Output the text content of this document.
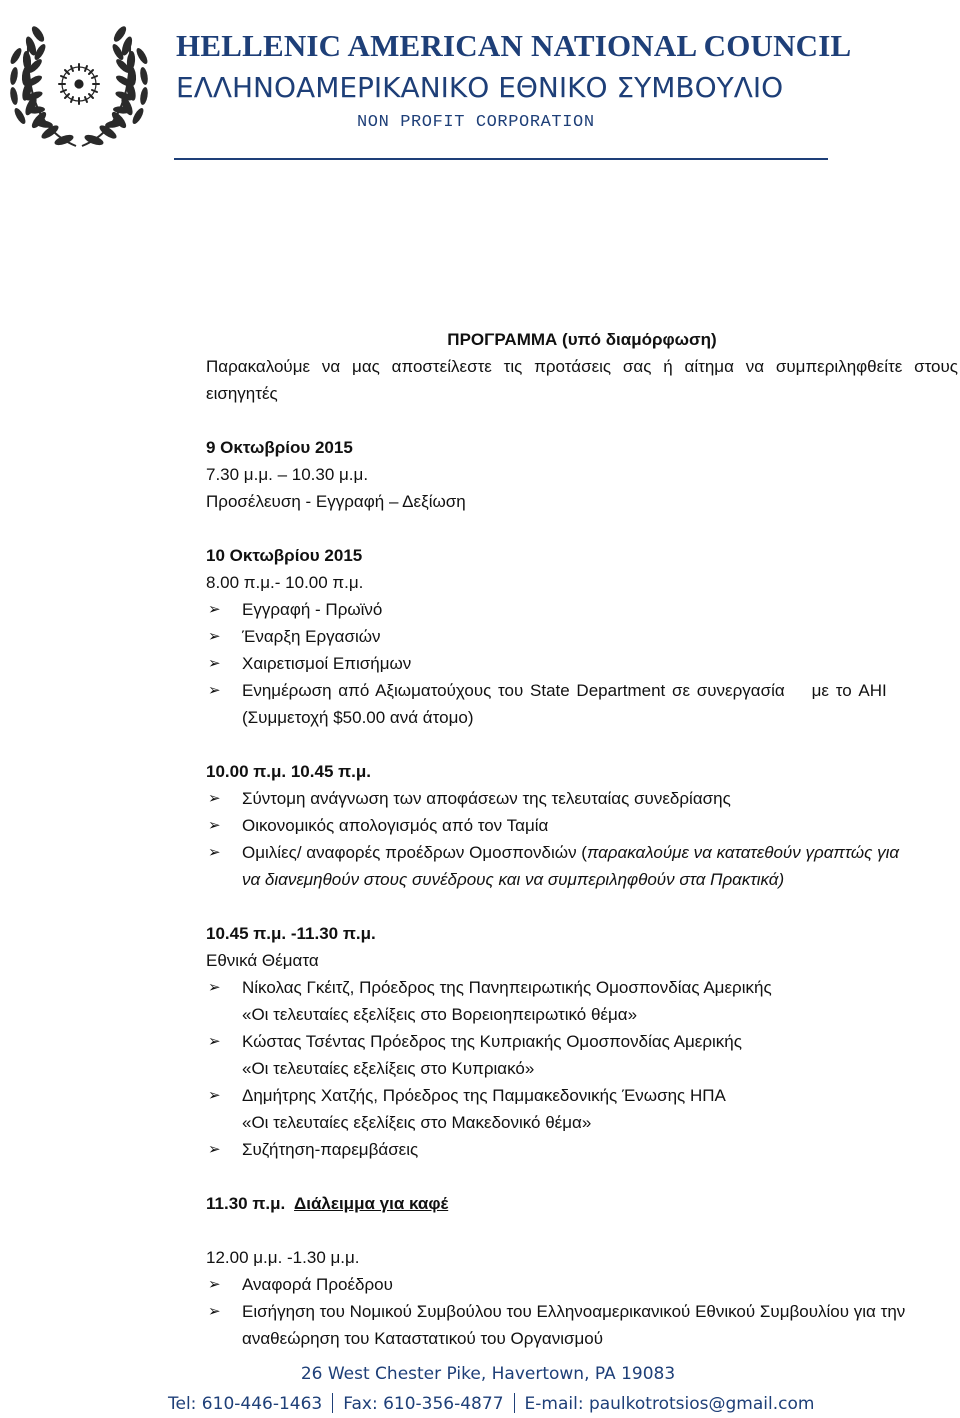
HELLENIC AMERICAN NATIONAL COUNCIL
ΕΛΛΗΝΟΑΜΕΡΙΚΑΝΙΚΟ ΕΘΝΙΚΟ ΣΥΜΒΟΥΛΙΟ
NON PROFIT CORPORATION
ΠΡΟΓΡΑΜΜΑ (υπό διαμόρφωση)
Παρακαλούμε να μας αποστείλεστε τις προτάσεις σας ή αίτημα να συμπεριληφθείτε στους
εισηγητές
9 Οκτωβρίου 2015
7.30 μ.μ. – 10.30 μ.μ.
Προσέλευση - Εγγραφή – Δεξίωση
10 Οκτωβρίου 2015
8.00 π.μ.- 10.00 π.μ.
➢ Εγγραφή - Πρωϊνό
➢ Έναρξη Εργασιών
➢ Χαιρετισμοί Επισήμων
➢ Ενημέρωση από Αξιωματούχους του State Department σε συνεργασία    με το AHI
(Συμμετοχή $50.00 ανά άτομο)
10.00 π.μ. 10.45 π.μ.
➢ Σύντομη ανάγνωση των αποφάσεων της τελευταίας συνεδρίασης
➢ Οικονομικός απολογισμός από τον Ταμία
➢ Ομιλίες/ αναφορές προέδρων Ομοσπονδιών (παρακαλούμε να κατατεθούν γραπτώς για
να διανεμηθούν στους συνέδρους και να συμπεριληφθούν στα Πρακτικά)
10.45 π.μ. -11.30 π.μ.
Εθνικά Θέματα
➢ Νίκολας Γκέιτζ, Πρόεδρος της Πανηπειρωτικής Ομοσπονδίας Αμερικής
«Οι τελευταίες εξελίξεις στο Βορειοηπειρωτικό θέμα»
➢ Κώστας Τσέντας Πρόεδρος της Κυπριακής Ομοσπονδίας Αμερικής
«Οι τελευταίες εξελίξεις στο Κυπριακό»
➢ Δημήτρης Χατζής, Πρόεδρος της Παμμακεδονικής Ένωσης ΗΠΑ
«Οι τελευταίες εξελίξεις στο Μακεδονικό θέμα»
➢ Συζήτηση-παρεμβάσεις
11.30 π.μ. Διάλειμμα για καφέ
12.00 μ.μ. -1.30 μ.μ.
➢ Αναφορά Προέδρου
➢ Εισήγηση του Νομικού Συμβούλου του Ελληνοαμερικανικού Εθνικού Συμβουλίου για την
αναθεώρηση του Καταστατικού του Οργανισμού
26 West Chester Pike, Havertown, PA 19083
Tel: 610-446-1463 Fax: 610-356-4877 E-mail: paulkotrotsios@gmail.com
